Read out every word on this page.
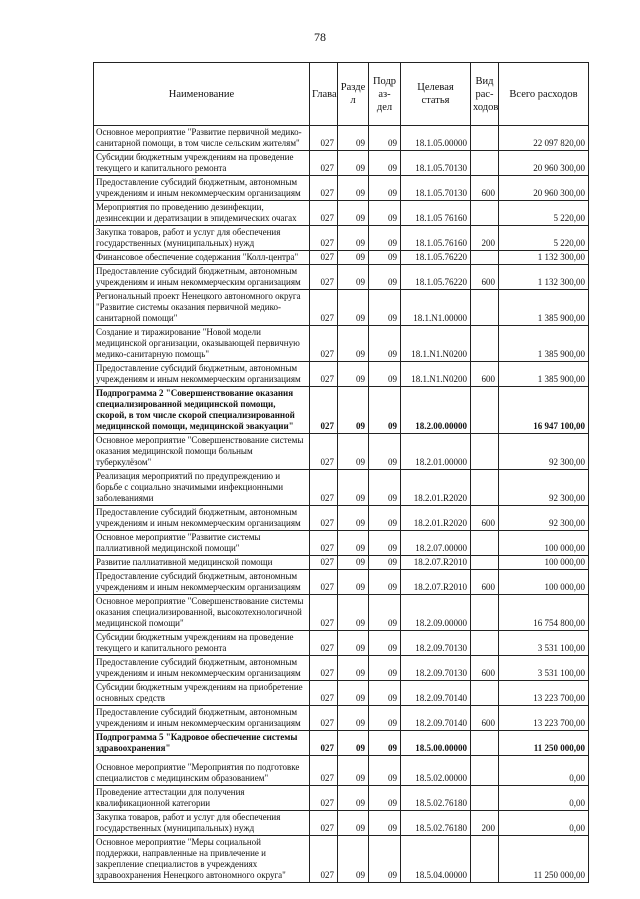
78
Наименование	Глава	Разде л	Подр аз- дел	Целевая статья	Вид рас- ходов	Всего расходов
Основное мероприятие "Развитие первичной медико-санитарной помощи, в том числе сельским жителям"	027	09	09	18.1.05.00000		22 097 820,00
Субсидии бюджетным учреждениям на проведение текущего и капитального ремонта	027	09	09	18.1.05.70130		20 960 300,00
Предоставление субсидий бюджетным, автономным учреждениям и иным некоммерческим организациям	027	09	09	18.1.05.70130	600	20 960 300,00
Мероприятия по проведению дезинфекции, дезинсекции и дератизации в эпидемических очагах	027	09	09	18.1.05 76160		5 220,00
Закупка товаров, работ и услуг для обеспечения государственных (муниципальных) нужд	027	09	09	18.1.05.76160	200	5 220,00
Финансовое обеспечение содержания "Колл-центра"	027	09	09	18.1.05.76220		1 132 300,00
Предоставление субсидий бюджетным, автономным учреждениям и иным некоммерческим организациям	027	09	09	18.1.05.76220	600	1 132 300,00
Региональный проект Ненецкого автономного округа "Развитие системы оказания первичной медико-санитарной помощи"	027	09	09	18.1.N1.00000		1 385 900,00
Создание и тиражирование "Новой модели медицинской организации, оказывающей первичную медико-санитарную помощь"	027	09	09	18.1.N1.N0200		1 385 900,00
Предоставление субсидий бюджетным, автономным учреждениям и иным некоммерческим организациям	027	09	09	18.1.N1.N0200	600	1 385 900,00
Подпрограмма 2 "Совершенствование оказания специализированной медицинской помощи, скорой, в том числе скорой специализированной медицинской помощи, медицинской эвакуации"	027	09	09	18.2.00.00000		16 947 100,00
Основное мероприятие "Совершенствование системы оказания медицинской помощи больным туберкулёзом"	027	09	09	18.2.01.00000		92 300,00
Реализация мероприятий по предупреждению и борьбе с социально значимыми инфекционными заболеваниями	027	09	09	18.2.01.R2020		92 300,00
Предоставление субсидий бюджетным, автономным учреждениям и иным некоммерческим организациям	027	09	09	18.2.01.R2020	600	92 300,00
Основное мероприятие "Развитие системы паллиативной медицинской помощи"	027	09	09	18.2.07.00000		100 000,00
Развитие паллиативной медицинской помощи	027	09	09	18.2.07.R2010		100 000,00
Предоставление субсидий бюджетным, автономным учреждениям и иным некоммерческим организациям	027	09	09	18.2.07.R2010	600	100 000,00
Основное мероприятие "Совершенствование системы оказания специализированной, высокотехнологичной медицинской помощи"	027	09	09	18.2.09.00000		16 754 800,00
Субсидии бюджетным учреждениям на проведение текущего и капитального ремонта	027	09	09	18.2.09.70130		3 531 100,00
Предоставление субсидий бюджетным, автономным учреждениям и иным некоммерческим организациям	027	09	09	18.2.09.70130	600	3 531 100,00
Субсидии бюджетным учреждениям на приобретение основных средств	027	09	09	18.2.09.70140		13 223 700,00
Предоставление субсидий бюджетным, автономным учреждениям и иным некоммерческим организациям	027	09	09	18.2.09.70140	600	13 223 700,00
Подпрограмма 5 "Кадровое обеспечение системы здравоохранения"	027	09	09	18.5.00.00000		11 250 000,00
Основное мероприятие "Мероприятия по подготовке специалистов с медицинским образованием"	027	09	09	18.5.02.00000		0,00
Проведение аттестации для получения квалификационной категории	027	09	09	18.5.02.76180		0,00
Закупка товаров, работ и услуг для обеспечения государственных (муниципальных) нужд	027	09	09	18.5.02.76180	200	0,00
Основное мероприятие "Меры социальной поддержки, направленные на привлечение и закрепление специалистов в учреждениях здравоохранения Ненецкого автономного округа"	027	09	09	18.5.04.00000		11 250 000,00
